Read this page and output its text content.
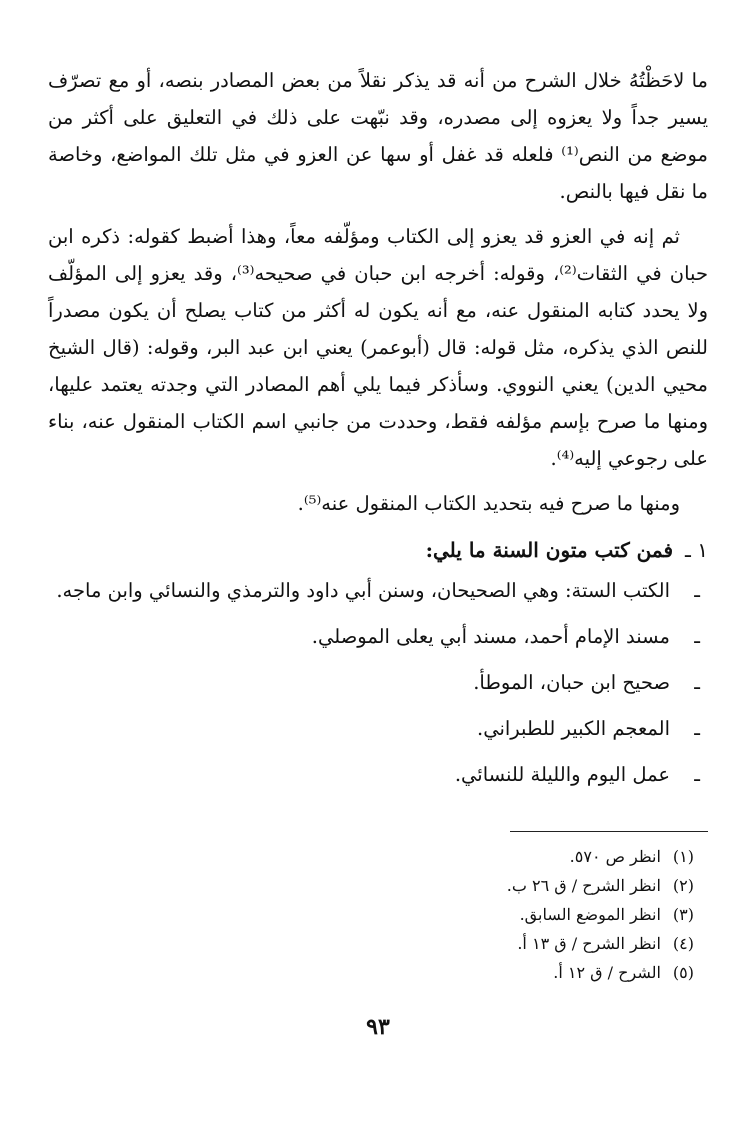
ما لاحَظْتُهُ خلال الشرح من أنه قد يذكر نقلاً من بعض المصادر بنصه، أو مع تصرّف يسير جداً ولا يعزوه إلى مصدره، وقد نبّهت على ذلك في التعليق على أكثر من موضع من النص⁽¹⁾ فلعله قد غفل أو سها عن العزو في مثل تلك المواضع، وخاصة ما نقل فيها بالنص.

ثم إنه في العزو قد يعزو إلى الكتاب ومؤلّفه معاً، وهذا أضبط كقوله: ذكره ابن حبان في الثقات⁽²⁾، وقوله: أخرجه ابن حبان في صحيحه⁽³⁾، وقد يعزو إلى المؤلّف ولا يحدد كتابه المنقول عنه، مع أنه يكون له أكثر من كتاب يصلح أن يكون مصدراً للنص الذي يذكره، مثل قوله: قال (أبوعمر) يعني ابن عبد البر، وقوله: (قال الشيخ محيي الدين) يعني النووي. وسأذكر فيما يلي أهم المصادر التي وجدته يعتمد عليها، ومنها ما صرح بإسم مؤلفه فقط، وحددت من جانبي اسم الكتاب المنقول عنه، بناء على رجوعي إليه⁽⁴⁾.

ومنها ما صرح فيه بتحديد الكتاب المنقول عنه⁽⁵⁾.

١ ـ فمن كتب متون السنة ما يلي:
ـ الكتب الستة: وهي الصحيحان، وسنن أبي داود والترمذي والنسائي وابن ماجه.
ـ مسند الإمام أحمد، مسند أبي يعلى الموصلي.
ـ صحيح ابن حبان، الموطأ.
ـ المعجم الكبير للطبراني.
ـ عمل اليوم والليلة للنسائي.
(١) انظر ص ٥٧٠.
(٢) انظر الشرح / ق ٢٦ ب.
(٣) انظر الموضع السابق.
(٤) انظر الشرح / ق ١٣ أ.
(٥) الشرح / ق ١٢ أ.
٩٣
